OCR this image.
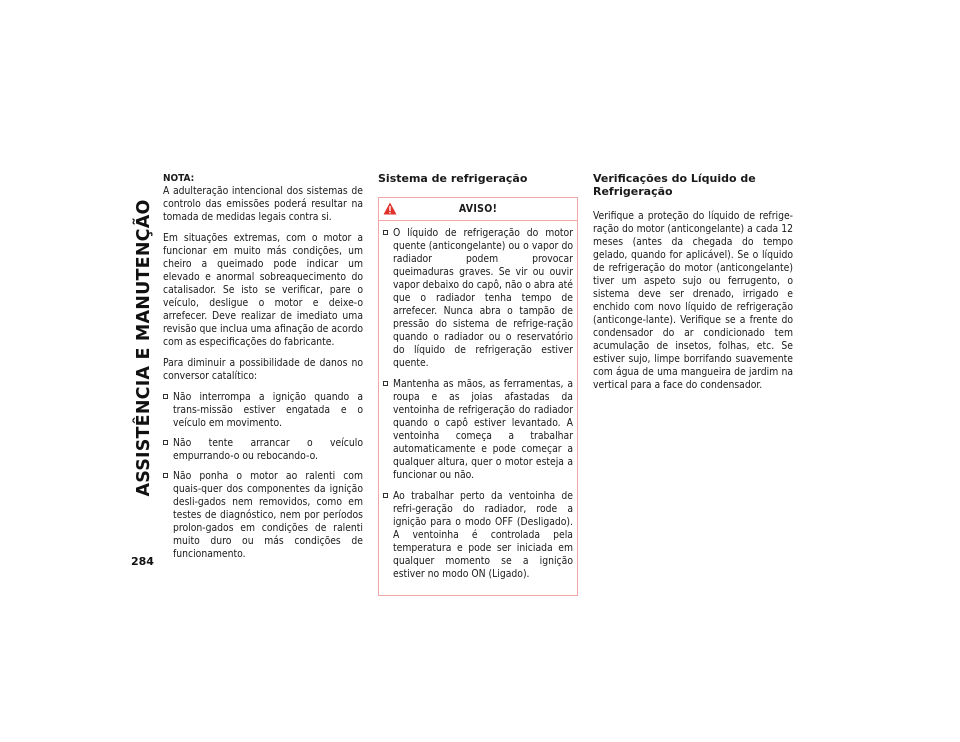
ASSISTÊNCIA E MANUTENÇÃO
284

NOTA:

A adulteração intencional dos sistemas de controlo das emissões poderá resultar na tomada de medidas legais contra si.

Em situações extremas, com o motor a funcionar em muito más condições, um cheiro a queimado pode indicar um elevado e anormal sobreaquecimento do catalisador. Se isto se verificar, pare o veículo, desligue o motor e deixe-o arrefecer. Deve realizar de imediato uma revisão que inclua uma afinação de acordo com as especificações do fabricante.

Para diminuir a possibilidade de danos no conversor catalítico:

Não interrompa a ignição quando a trans-missão estiver engatada e o veículo em movimento.
Não tente arrancar o veículo empurrando-o ou rebocando-o.
Não ponha o motor ao ralenti com quais-quer dos componentes da ignição desli-gados nem removidos, como em testes de diagnóstico, nem por períodos prolon-gados em condições de ralenti muito duro ou más condições de funcionamento.
Sistema de refrigeração
AVISO!
O líquido de refrigeração do motor quente (anticongelante) ou o vapor do radiador podem provocar queimaduras graves. Se vir ou ouvir vapor debaixo do capô, não o abra até que o radiador tenha tempo de arrefecer. Nunca abra o tampão de pressão do sistema de refrige-ração quando o radiador ou o reservatório do líquido de refrigeração estiver quente.
Mantenha as mãos, as ferramentas, a roupa e as joias afastadas da ventoinha de refrigeração do radiador quando o capô estiver levantado. A ventoinha começa a trabalhar automaticamente e pode começar a qualquer altura, quer o motor esteja a funcionar ou não.
Ao trabalhar perto da ventoinha de refri-geração do radiador, rode a ignição para o modo OFF (Desligado). A ventoinha é controlada pela temperatura e pode ser iniciada em qualquer momento se a ignição estiver no modo ON (Ligado).
Verificações do Líquido de Refrigeração

Verifique a proteção do líquido de refrige-ração do motor (anticongelante) a cada 12 meses (antes da chegada do tempo gelado, quando for aplicável). Se o líquido de refrigeração do motor (anticongelante) tiver um aspeto sujo ou ferrugento, o sistema deve ser drenado, irrigado e enchido com novo líquido de refrigeração (anticonge-lante). Verifique se a frente do condensador do ar condicionado tem acumulação de insetos, folhas, etc. Se estiver sujo, limpe borrifando suavemente com água de uma mangueira de jardim na vertical para a face do condensador.
